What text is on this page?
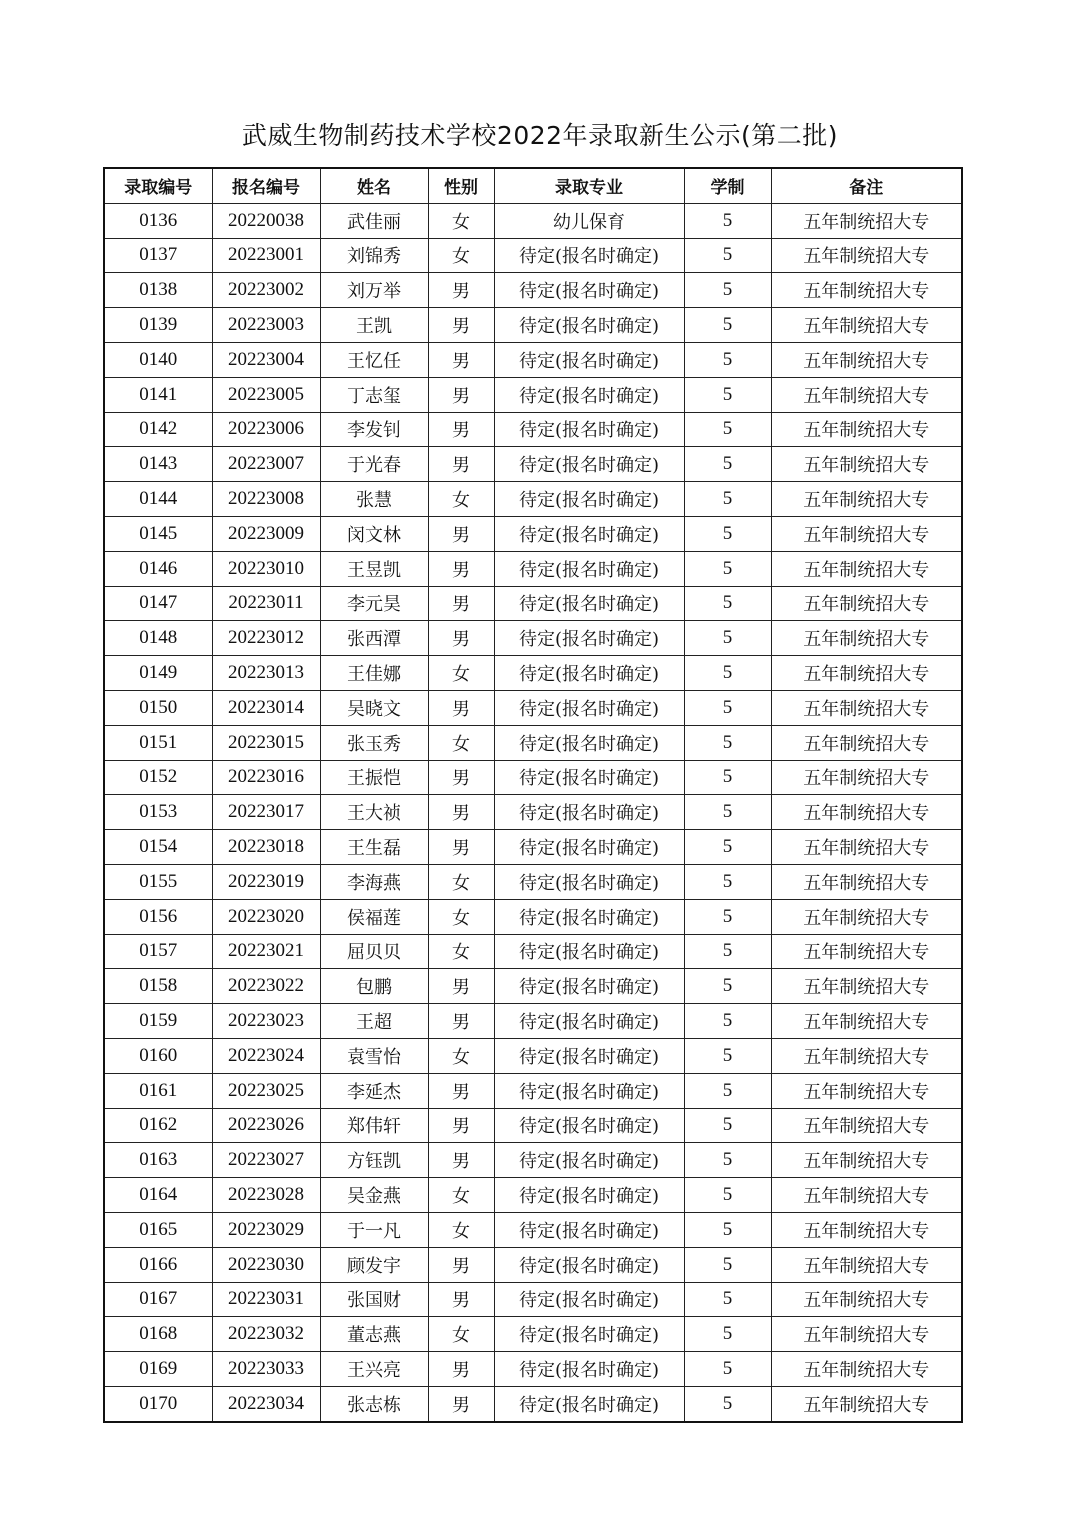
武威生物制药技术学校2022年录取新生公示(第二批)
录取编号	报名编号	姓名	性别	录取专业	学制	备注
0136	20220038	武佳丽	女	幼儿保育	5	五年制统招大专
0137	20223001	刘锦秀	女	待定(报名时确定)	5	五年制统招大专
0138	20223002	刘万举	男	待定(报名时确定)	5	五年制统招大专
0139	20223003	王凯	男	待定(报名时确定)	5	五年制统招大专
0140	20223004	王忆任	男	待定(报名时确定)	5	五年制统招大专
0141	20223005	丁志玺	男	待定(报名时确定)	5	五年制统招大专
0142	20223006	李发钊	男	待定(报名时确定)	5	五年制统招大专
0143	20223007	于光春	男	待定(报名时确定)	5	五年制统招大专
0144	20223008	张慧	女	待定(报名时确定)	5	五年制统招大专
0145	20223009	闵文林	男	待定(报名时确定)	5	五年制统招大专
0146	20223010	王昱凯	男	待定(报名时确定)	5	五年制统招大专
0147	20223011	李元昊	男	待定(报名时确定)	5	五年制统招大专
0148	20223012	张西潭	男	待定(报名时确定)	5	五年制统招大专
0149	20223013	王佳娜	女	待定(报名时确定)	5	五年制统招大专
0150	20223014	吴晓文	男	待定(报名时确定)	5	五年制统招大专
0151	20223015	张玉秀	女	待定(报名时确定)	5	五年制统招大专
0152	20223016	王振恺	男	待定(报名时确定)	5	五年制统招大专
0153	20223017	王大祯	男	待定(报名时确定)	5	五年制统招大专
0154	20223018	王生磊	男	待定(报名时确定)	5	五年制统招大专
0155	20223019	李海燕	女	待定(报名时确定)	5	五年制统招大专
0156	20223020	侯福莲	女	待定(报名时确定)	5	五年制统招大专
0157	20223021	屈贝贝	女	待定(报名时确定)	5	五年制统招大专
0158	20223022	包鹏	男	待定(报名时确定)	5	五年制统招大专
0159	20223023	王超	男	待定(报名时确定)	5	五年制统招大专
0160	20223024	袁雪怡	女	待定(报名时确定)	5	五年制统招大专
0161	20223025	李延杰	男	待定(报名时确定)	5	五年制统招大专
0162	20223026	郑伟轩	男	待定(报名时确定)	5	五年制统招大专
0163	20223027	方钰凯	男	待定(报名时确定)	5	五年制统招大专
0164	20223028	吴金燕	女	待定(报名时确定)	5	五年制统招大专
0165	20223029	于一凡	女	待定(报名时确定)	5	五年制统招大专
0166	20223030	顾发宇	男	待定(报名时确定)	5	五年制统招大专
0167	20223031	张国财	男	待定(报名时确定)	5	五年制统招大专
0168	20223032	董志燕	女	待定(报名时确定)	5	五年制统招大专
0169	20223033	王兴亮	男	待定(报名时确定)	5	五年制统招大专
0170	20223034	张志栋	男	待定(报名时确定)	5	五年制统招大专
